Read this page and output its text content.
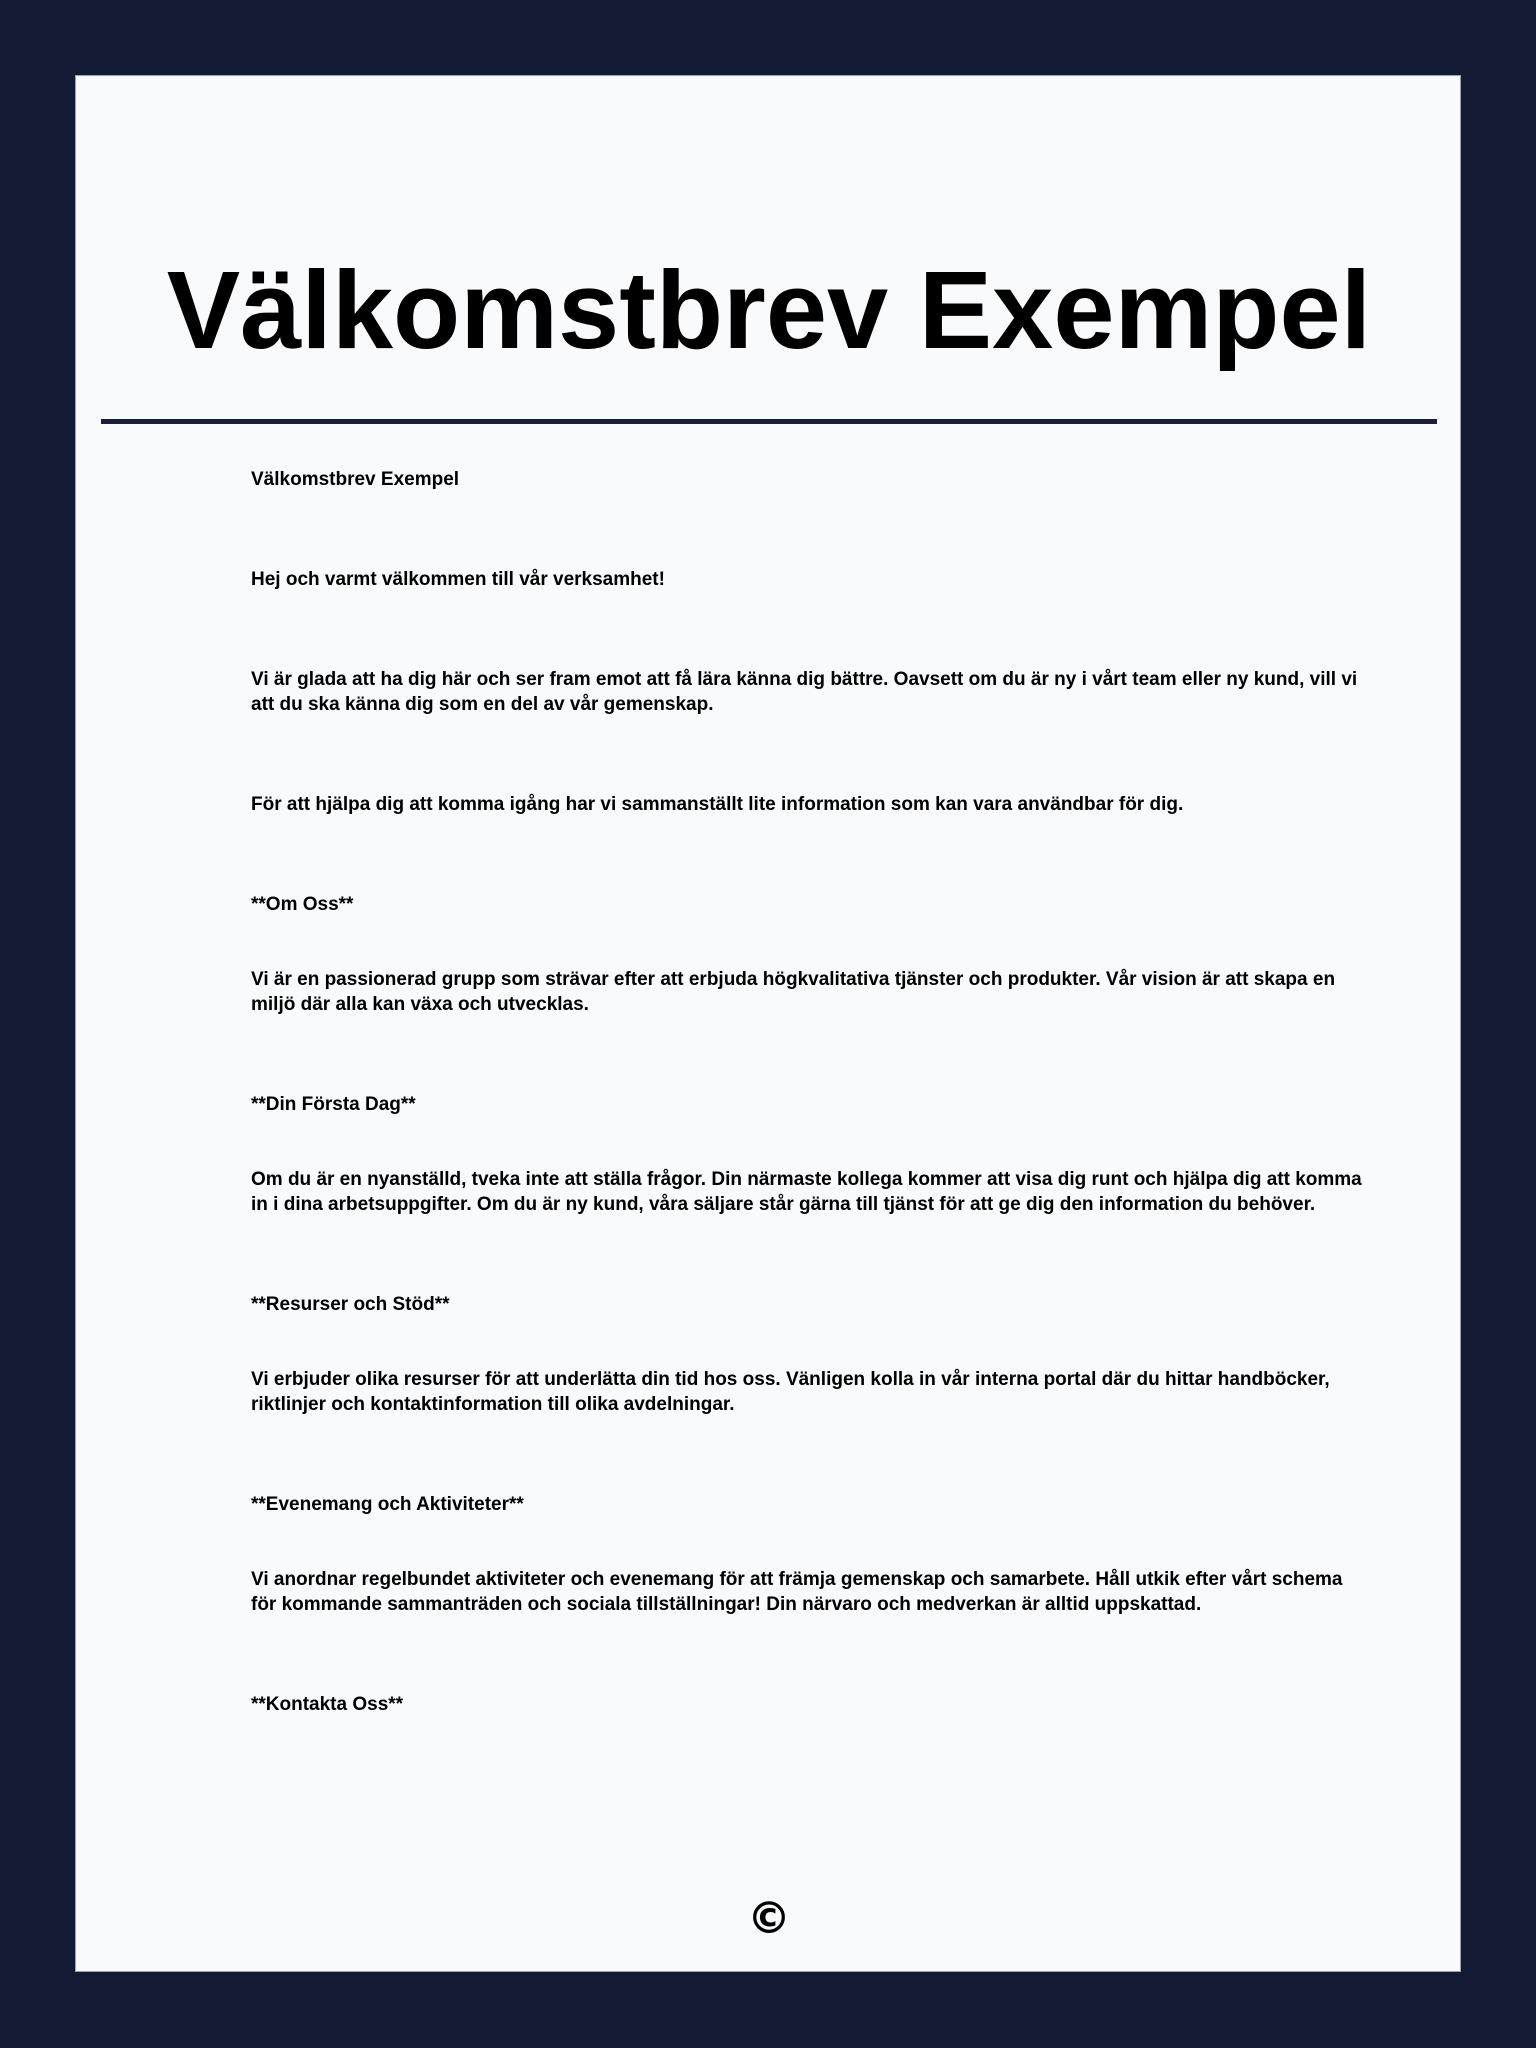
Välkomstbrev Exempel

Välkomstbrev Exempel

Hej och varmt välkommen till vår verksamhet!

Vi är glada att ha dig här och ser fram emot att få lära känna dig bättre. Oavsett om du är ny i vårt team eller ny kund, vill vi att du ska känna dig som en del av vår gemenskap.

För att hjälpa dig att komma igång har vi sammanställt lite information som kan vara användbar för dig.

**Om Oss**

Vi är en passionerad grupp som strävar efter att erbjuda högkvalitativa tjänster och produkter. Vår vision är att skapa en miljö där alla kan växa och utvecklas.

**Din Första Dag**

Om du är en nyanställd, tveka inte att ställa frågor. Din närmaste kollega kommer att visa dig runt och hjälpa dig att komma in i dina arbetsuppgifter. Om du är ny kund, våra säljare står gärna till tjänst för att ge dig den information du behöver.

**Resurser och Stöd**

Vi erbjuder olika resurser för att underlätta din tid hos oss. Vänligen kolla in vår interna portal där du hittar handböcker, riktlinjer och kontaktinformation till olika avdelningar.

**Evenemang och Aktiviteter**

Vi anordnar regelbundet aktiviteter och evenemang för att främja gemenskap och samarbete. Håll utkik efter vårt schema för kommande sammanträden och sociala tillställningar! Din närvaro och medverkan är alltid uppskattad.

**Kontakta Oss**

©
